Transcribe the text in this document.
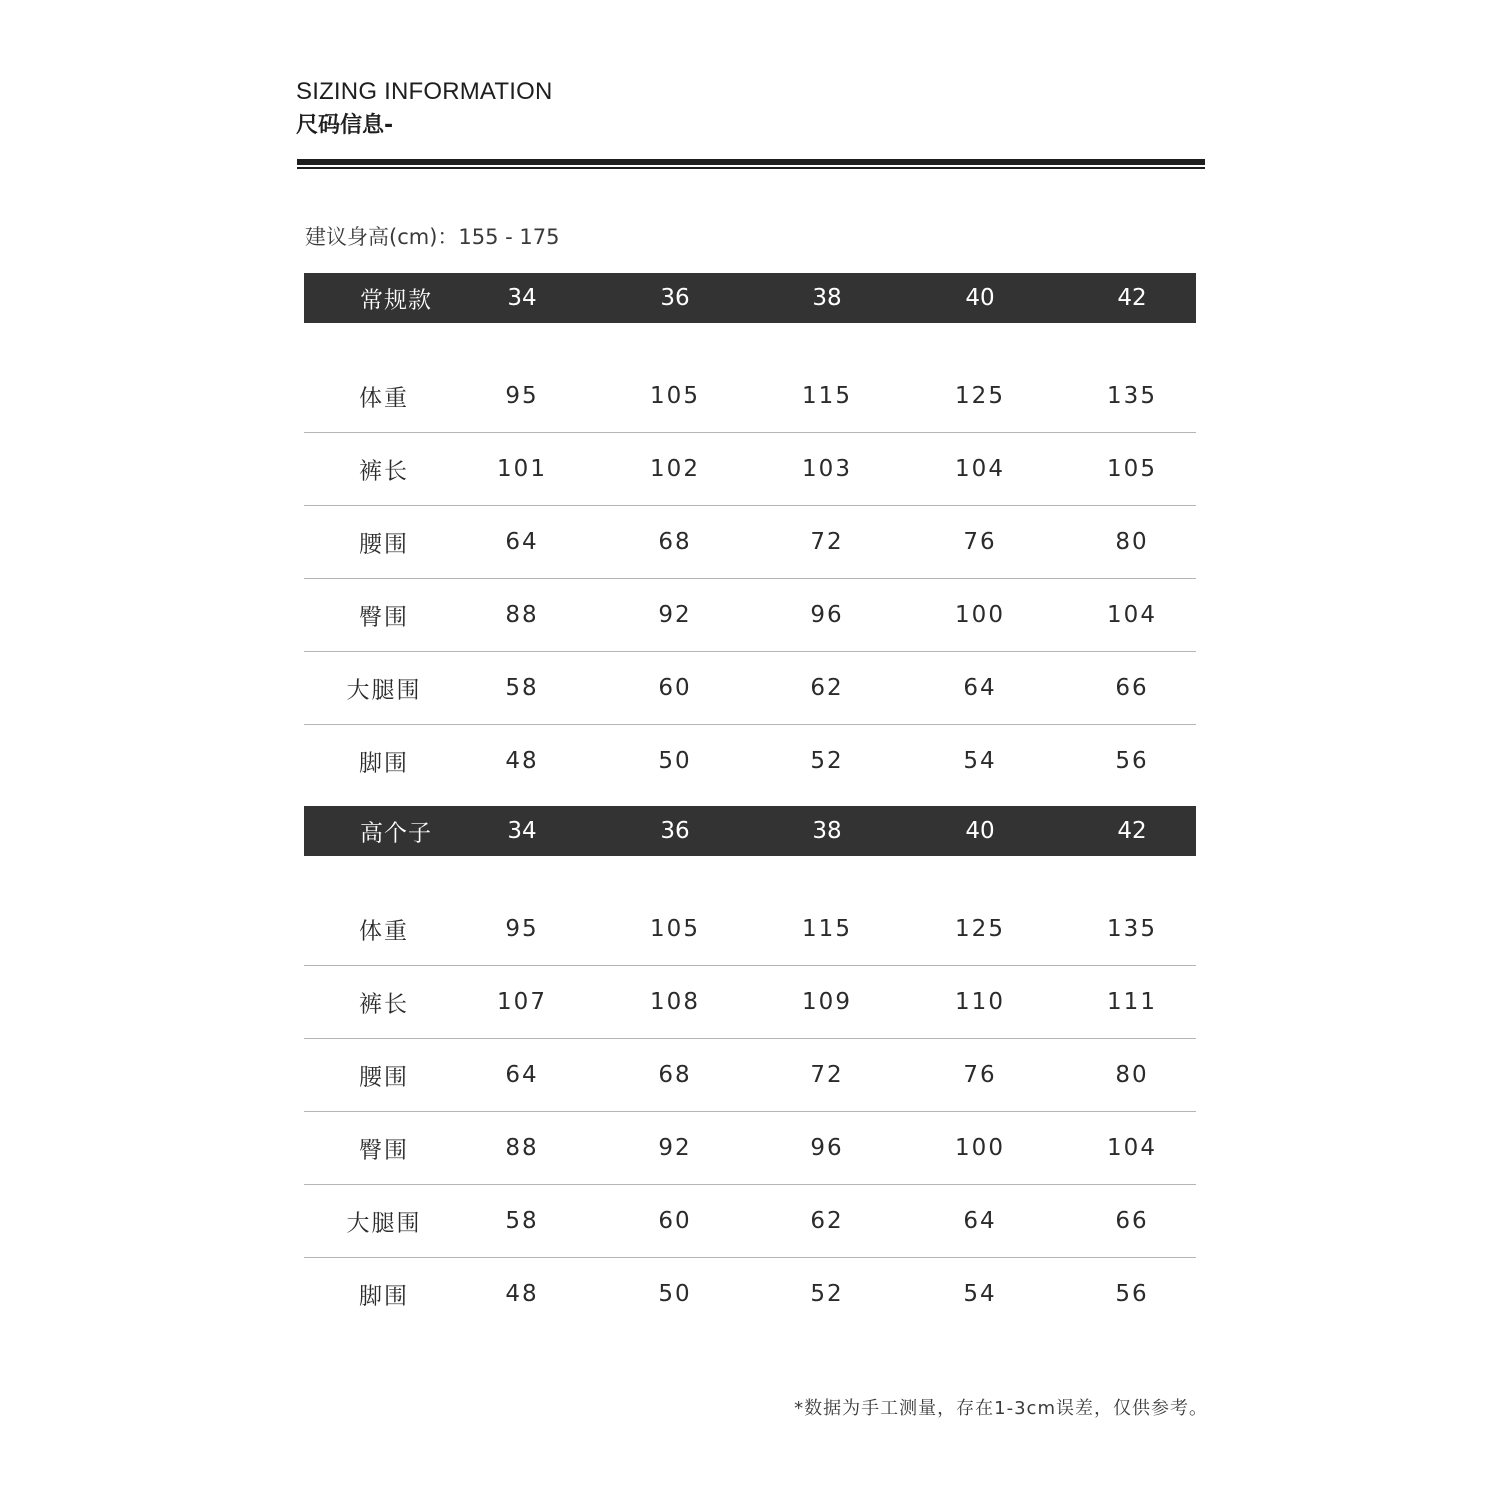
SIZING INFORMATION
尺码信息-
建议身高(cm)：155 - 175
常规款	34	36	38	40	42
体重	95	105	115	125	135
裤长	101	102	103	104	105
腰围	64	68	72	76	80
臀围	88	92	96	100	104
大腿围	58	60	62	64	66
脚围	48	50	52	54	56
高个子	34	36	38	40	42
体重	95	105	115	125	135
裤长	107	108	109	110	111
腰围	64	68	72	76	80
臀围	88	92	96	100	104
大腿围	58	60	62	64	66
脚围	48	50	52	54	56
*数据为手工测量，存在1-3cm误差，仅供参考。
